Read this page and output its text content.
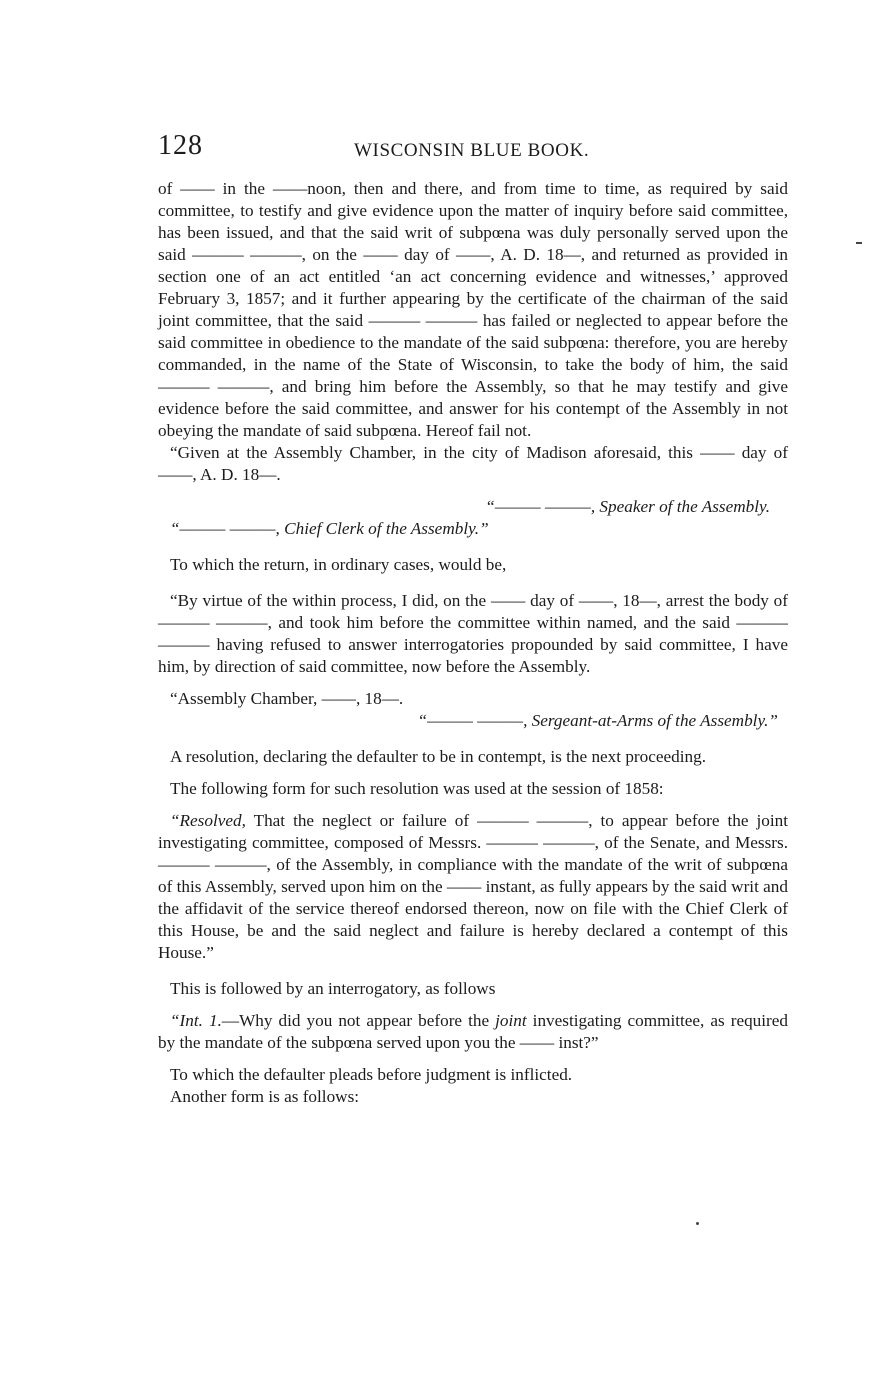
128	WISCONSIN BLUE BOOK.

of —— in the ——noon, then and there, and from time to time, as required by said committee, to testify and give evidence upon the matter of inquiry before said committee, has been issued, and that the said writ of subpœna was duly personally served upon the said ——— ———, on the —— day of ——, A. D. 18—, and returned as provided in section one of an act entitled ‘an act concerning evidence and witnesses,’ approved February 3, 1857; and it further appearing by the certificate of the chairman of the said joint committee, that the said ——— ——— has failed or neglected to appear before the said committee in obedience to the mandate of the said subpœna: therefore, you are hereby commanded, in the name of the State of Wisconsin, to take the body of him, the said ——— ———, and bring him before the Assembly, so that he may testify and give evidence before the said committee, and answer for his contempt of the Assembly in not obeying the mandate of said subpœna. Hereof fail not.

“Given at the Assembly Chamber, in the city of Madison aforesaid, this —— day of ——, A. D. 18—.

“——— ———, Speaker of the Assembly.

“——— ———, Chief Clerk of the Assembly.”

To which the return, in ordinary cases, would be,

“By virtue of the within process, I did, on the —— day of ——, 18—, arrest the body of ——— ———, and took him before the committee within named, and the said ——— ——— having refused to answer interrogatories propounded by said committee, I have him, by direction of said committee, now before the Assembly.

“Assembly Chamber, ——, 18—.

“——— ———, Sergeant-at-Arms of the Assembly.”

A resolution, declaring the defaulter to be in contempt, is the next proceeding.

The following form for such resolution was used at the session of 1858:

“Resolved, That the neglect or failure of ——— ———, to appear before the joint investigating committee, composed of Messrs. ——— ———, of the Senate, and Messrs. ——— ———, of the Assembly, in compliance with the mandate of the writ of subpœna of this Assembly, served upon him on the —— instant, as fully appears by the said writ and the affidavit of the service thereof endorsed thereon, now on file with the Chief Clerk of this House, be and the said neglect and failure is hereby declared a contempt of this House.”

This is followed by an interrogatory, as follows

“Int. 1.—Why did you not appear before the joint investigating committee, as required by the mandate of the subpœna served upon you the —— inst?”

To which the defaulter pleads before judgment is inflicted.

Another form is as follows:
